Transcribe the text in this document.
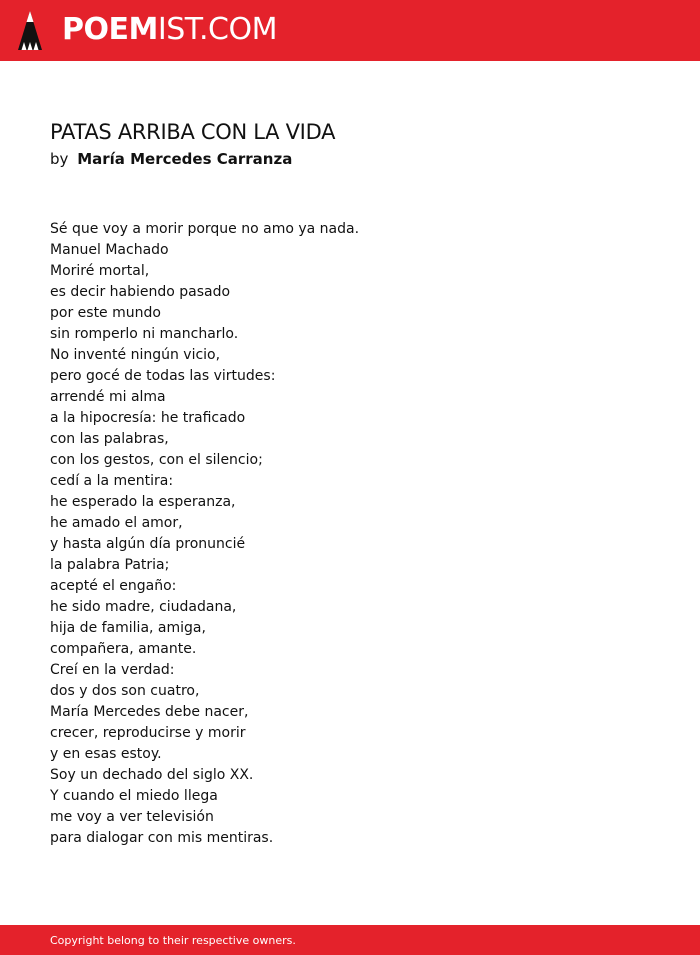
POEMIST.COM
PATAS ARRIBA CON LA VIDA
by María Mercedes Carranza
Sé que voy a morir porque no amo ya nada.
Manuel Machado
Moriré mortal,
es decir habiendo pasado
por este mundo
sin romperlo ni mancharlo.
No inventé ningún vicio,
pero gocé de todas las virtudes:
arrendé mi alma
a la hipocresía: he traficado
con las palabras,
con los gestos, con el silencio;
cedí a la mentira:
he esperado la esperanza,
he amado el amor,
y hasta algún día pronuncié
la palabra Patria;
acepté el engaño:
he sido madre, ciudadana,
hija de familia, amiga,
compañera, amante.
Creí en la verdad:
dos y dos son cuatro,
María Mercedes debe nacer,
crecer, reproducirse y morir
y en esas estoy.
Soy un dechado del siglo XX.
Y cuando el miedo llega
me voy a ver televisión
para dialogar con mis mentiras.
Copyright belong to their respective owners.
